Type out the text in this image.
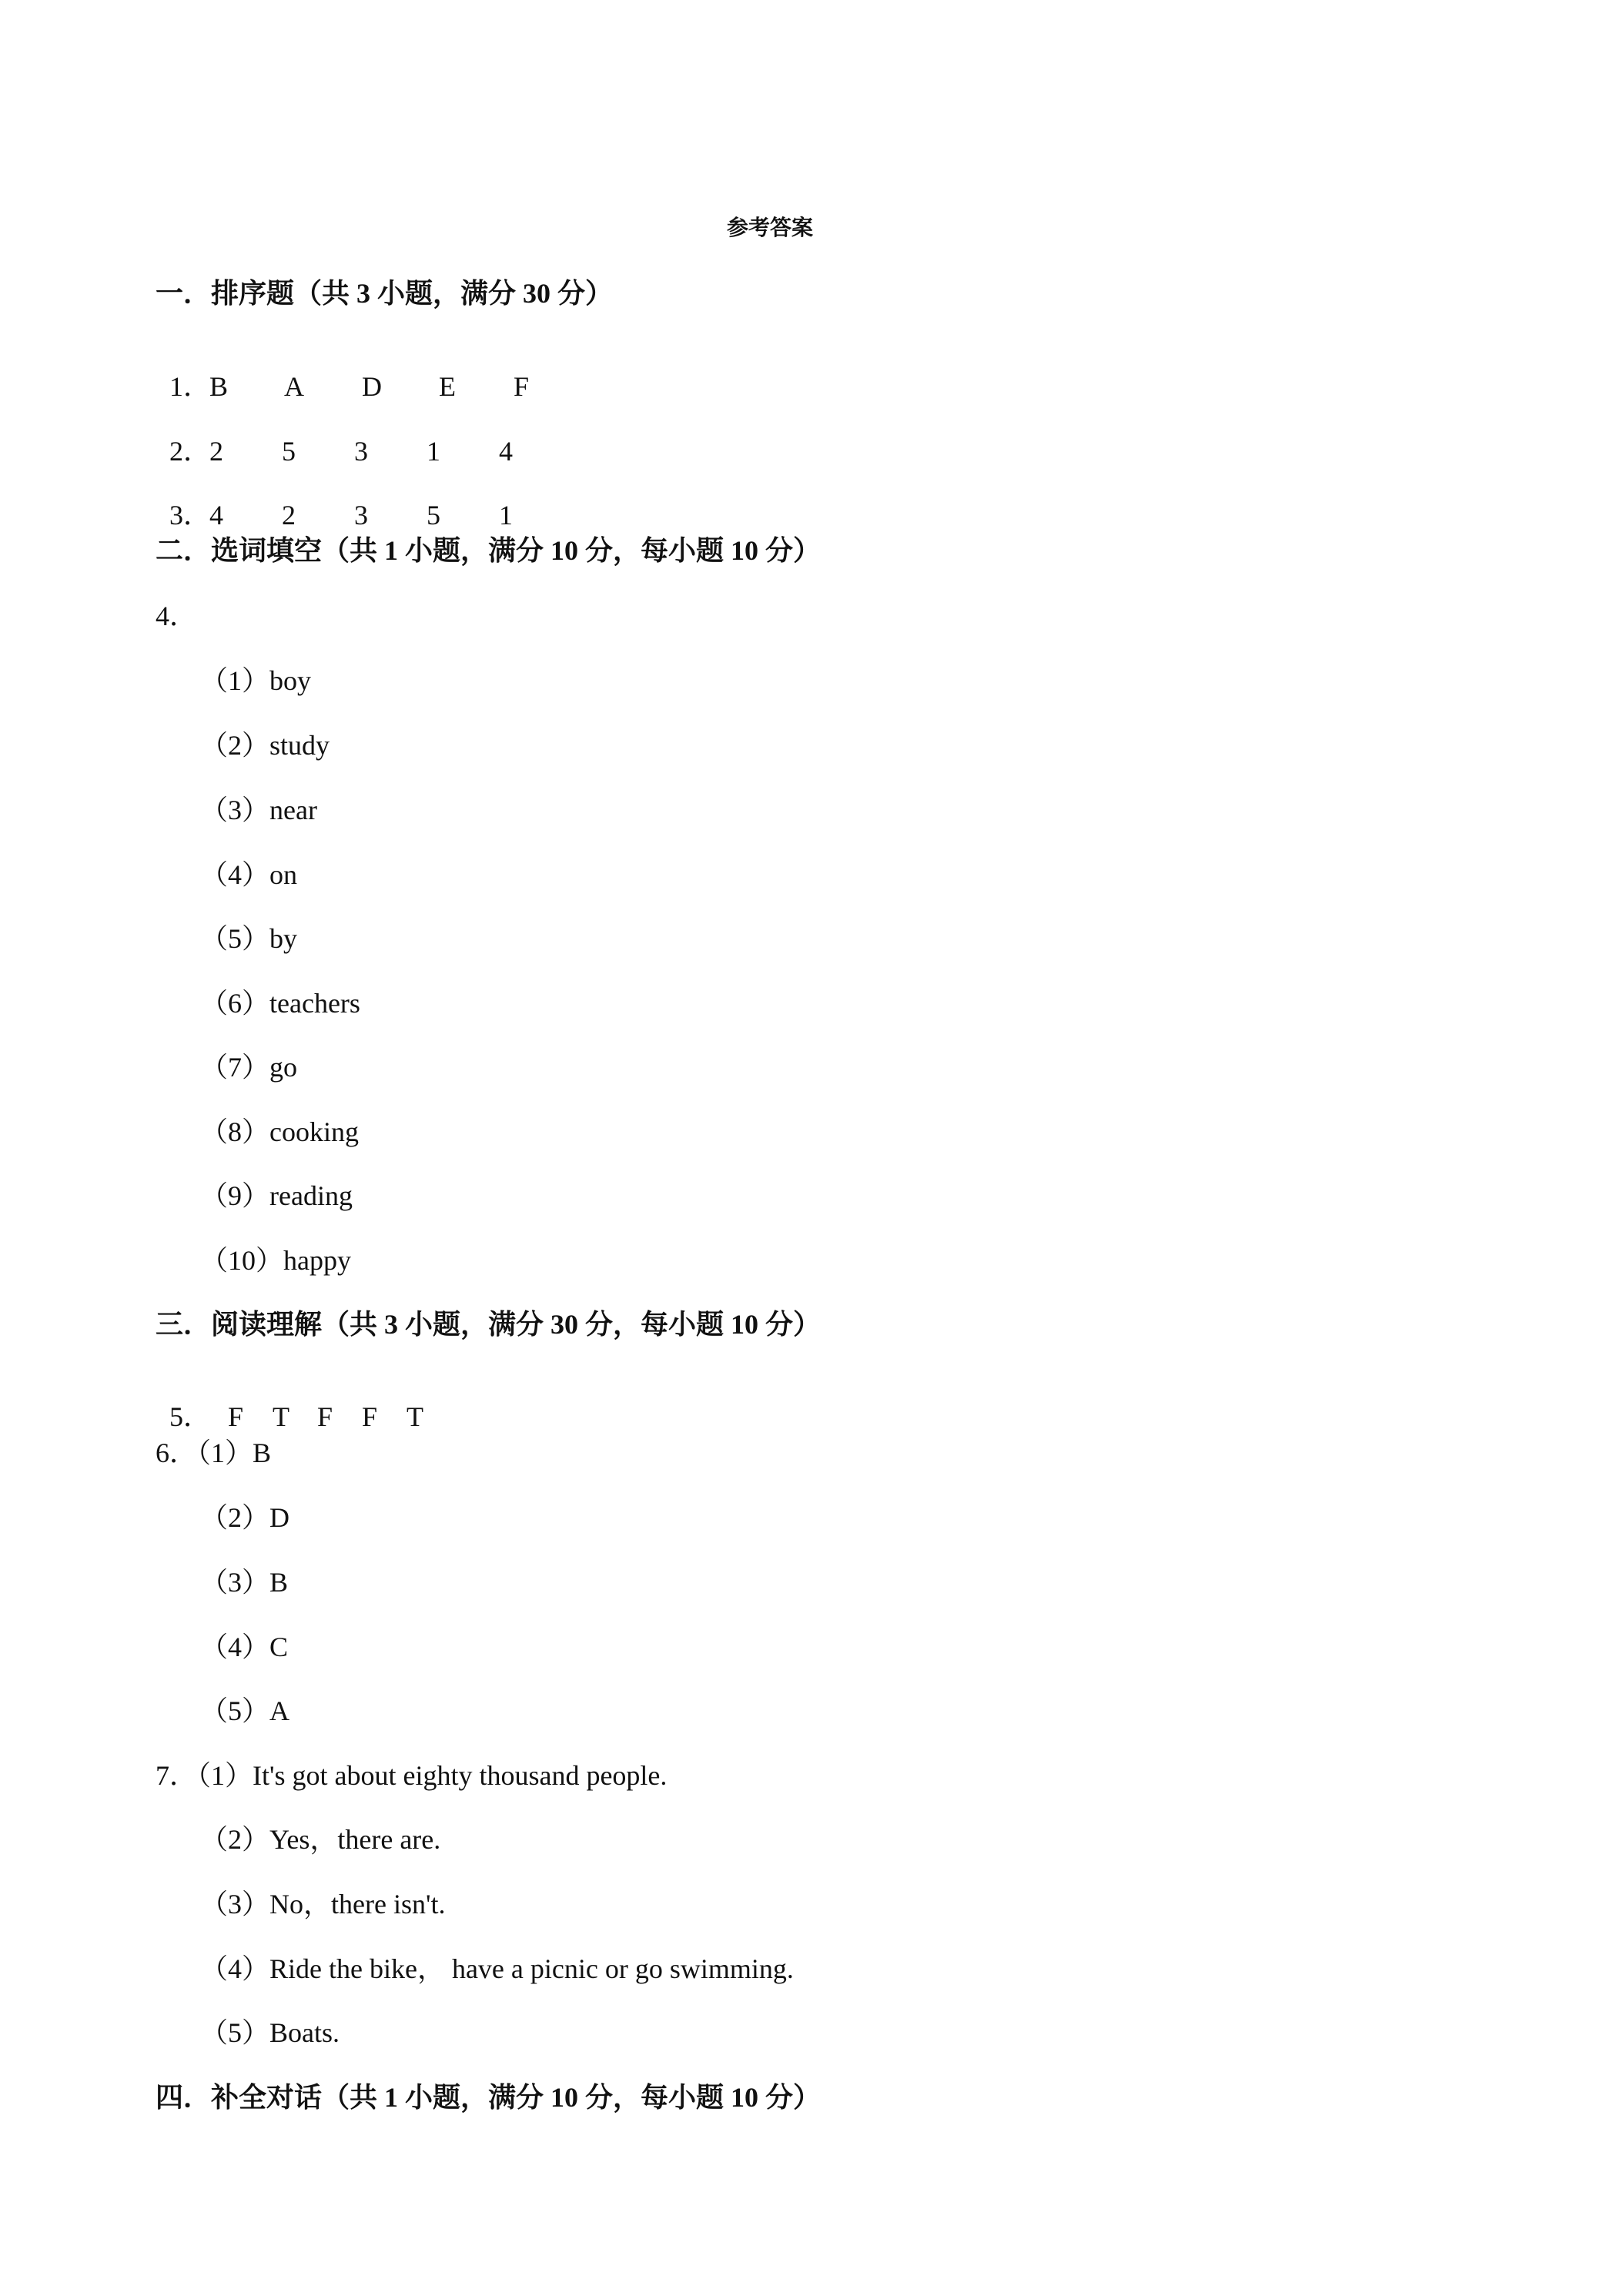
参考答案
一．排序题（共 3 小题，满分 30 分）

1．B A D E F

2．2 5 3 1 4

3．4 2 3 5 1

二．选词填空（共 1 小题，满分 10 分，每小题 10 分）
4．
（1）boy
（2）study
（3）near
（4）on
（5）by
（6）teachers
（7）go
（8）cooking
（9）reading
（10）happy
三．阅读理解（共 3 小题，满分 30 分，每小题 10 分）

5． F T F F T

6．（1）B
（2）D
（3）B
（4）C
（5）A
7．（1）It's got about eighty thousand people.
（2）Yes，there are.
（3）No，there isn't.
（4）Ride the bike， have a picnic or go swimming.
（5）Boats.
四．补全对话（共 1 小题，满分 10 分，每小题 10 分）
